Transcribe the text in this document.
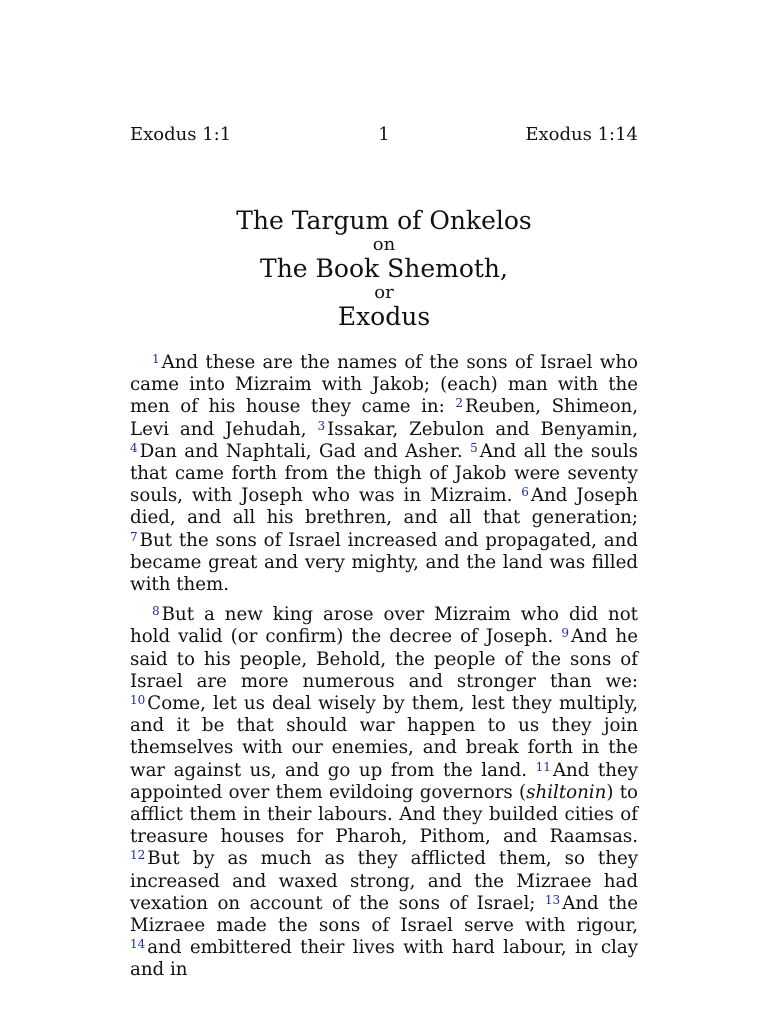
Exodus 1:1	1	Exodus 1:14
The Targum of Onkelos
on
The Book Shemoth,
or
Exodus

$^1$ And these are the names of the sons of Israel who came into Mizraim with Jakob; (each) man with the men of his house they came in: $^2$ Reuben, Shimeon, Levi and Jehudah, $^3$ Issakar, Zebulon and Benyamin, $^4$ Dan and Naphtali, Gad and Asher. $^5$ And all the souls that came forth from the thigh of Jakob were seventy souls, with Joseph who was in Mizraim. $^6$ And Joseph died, and all his brethren, and all that generation; $^7$ But the sons of Israel increased and propagated, and became great and very mighty, and the land was filled with them.

$^8$ But a new king arose over Mizraim who did not hold valid (or confirm) the decree of Joseph. $^9$ And he said to his people, Behold, the people of the sons of Israel are more numerous and stronger than we: $^{10}$ Come, let us deal wisely by them, lest they multiply, and it be that should war happen to us they join themselves with our enemies, and break forth in the war against us, and go up from the land. $^{11}$ And they appointed over them evildoing governors (shiltonin) to afflict them in their labours. And they builded cities of treasure houses for Pharoh, Pithom, and Raamsas. $^{12}$ But by as much as they afflicted them, so they increased and waxed strong, and the Mizraee had vexation on account of the sons of Israel; $^{13}$ And the Mizraee made the sons of Israel serve with rigour, $^{14}$ and embittered their lives with hard labour, in clay and in
